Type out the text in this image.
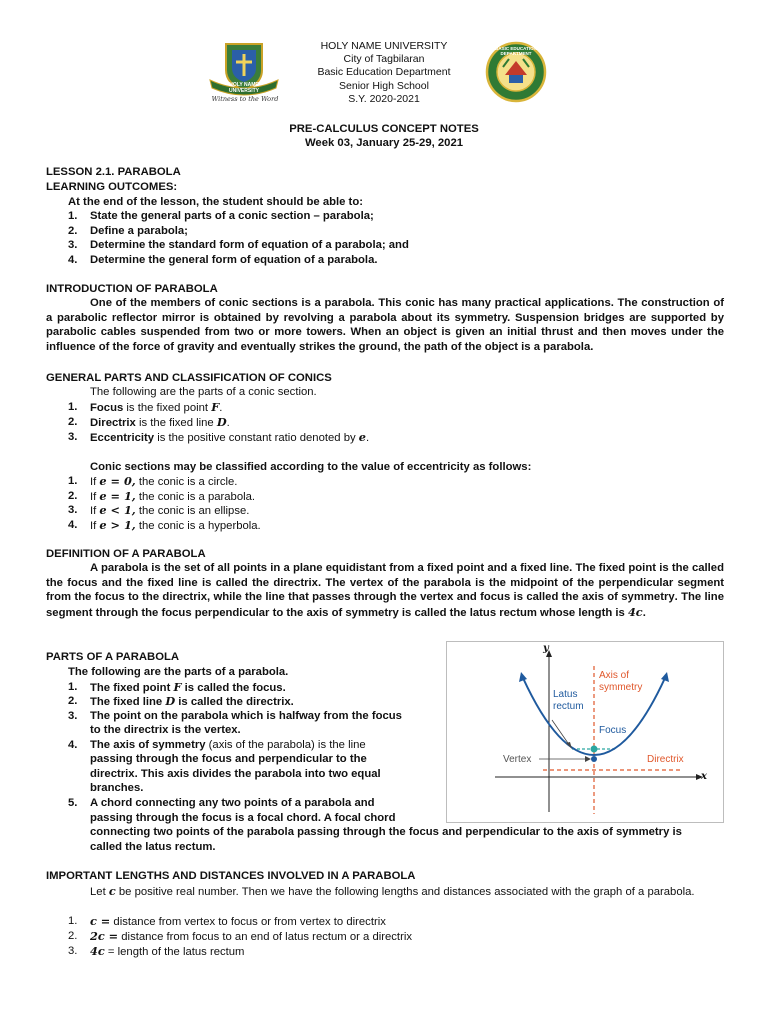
HOLY NAME UNIVERSITY
Witness to the Word
BASIC EDUCATION DEPARTMENT
HOLY NAME UNIVERSITY
City of Tagbilaran
Basic Education Department
Senior High School
S.Y. 2020-2021
PRE-CALCULUS CONCEPT NOTES
Week 03, January 25-29, 2021
LESSON 2.1. PARABOLA
LEARNING OUTCOMES:
At the end of the lesson, the student should be able to:
1. State the general parts of a conic section – parabola;
2. Define a parabola;
3. Determine the standard form of equation of a parabola; and
4. Determine the general form of equation of a parabola.
INTRODUCTION OF PARABOLA
One of the members of conic sections is a parabola. This conic has many practical applications. The construction of a parabolic reflector mirror is obtained by revolving a parabola about its symmetry. Suspension bridges are supported by parabolic cables suspended from two or more towers. When an object is given an initial thrust and then moves under the influence of the force of gravity and eventually strikes the ground, the path of the object is a parabola.
GENERAL PARTS AND CLASSIFICATION OF CONICS
The following are the parts of a conic section.
1. Focus is the fixed point F.
2. Directrix is the fixed line D.
3. Eccentricity is the positive constant ratio denoted by e.
Conic sections may be classified according to the value of eccentricity as follows:
1. If e = 0, the conic is a circle.
2. If e = 1, the conic is a parabola.
3. If e < 1, the conic is an ellipse.
4. If e > 1, the conic is a hyperbola.
DEFINITION OF A PARABOLA
A parabola is the set of all points in a plane equidistant from a fixed point and a fixed line. The fixed point is the called the focus and the fixed line is called the directrix. The vertex of the parabola is the midpoint of the perpendicular segment from the focus to the directrix, while the line that passes through the vertex and focus is called the axis of symmetry. The line segment through the focus perpendicular to the axis of symmetry is called the latus rectum whose length is 4c.
PARTS OF A PARABOLA
The following are the parts of a parabola.
1. The fixed point F is called the focus.
2. The fixed line D is called the directrix.
3. The point on the parabola which is halfway from the focus
to the directrix is the vertex.
4. The axis of symmetry (axis of the parabola) is the line
passing through the focus and perpendicular to the
directrix. This axis divides the parabola into two equal
branches.
5. A chord connecting any two points of a parabola and
passing through the focus is a focal chord. A focal chord
connecting two points of the parabola passing through the focus and perpendicular to the axis of symmetry is
called the latus rectum.
y
x
Axis of
symmetry
Latus
rectum
Focus
Vertex	Directrix
IMPORTANT LENGTHS AND DISTANCES INVOLVED IN A PARABOLA
Let c be positive real number. Then we have the following lengths and distances associated with the graph of a parabola.
1. c = distance from vertex to focus or from vertex to directrix
2. 2c = distance from focus to an end of latus rectum or a directrix
3. 4c = length of the latus rectum
